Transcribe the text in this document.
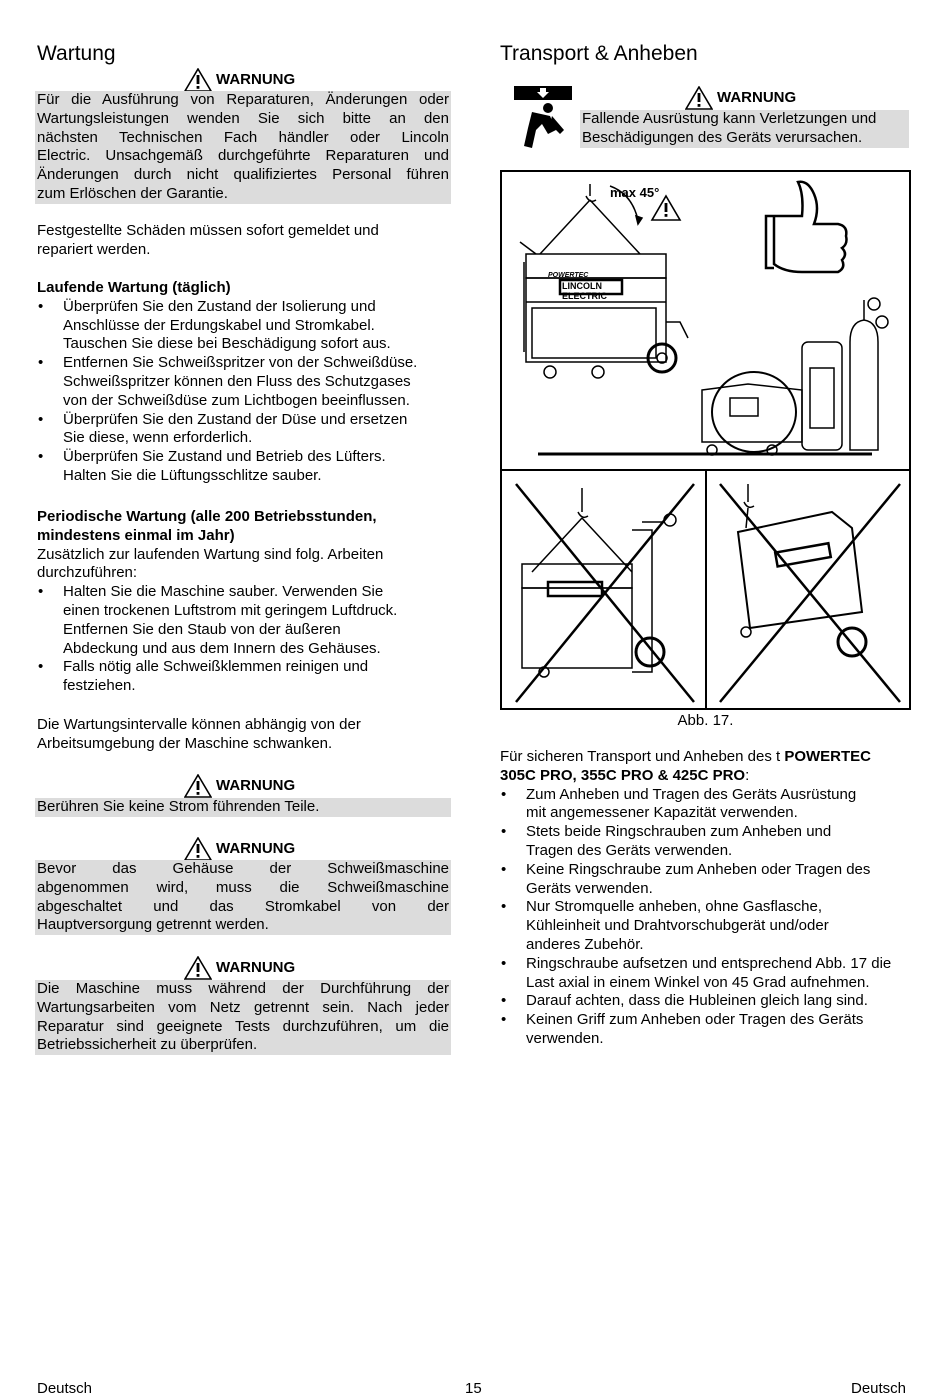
Wartung
WARNUNG
Für die Ausführung von Reparaturen, Änderungen oder
Wartungsleistungen wenden Sie sich bitte an den
nächsten Technischen Fach händler oder Lincoln
Electric. Unsachgemäß durchgeführte Reparaturen und
Änderungen durch nicht qualifiziertes Personal führen
zum Erlöschen der Garantie.
Festgestellte Schäden müssen sofort gemeldet und
repariert werden.
Laufende Wartung (täglich)
• Überprüfen Sie den Zustand der Isolierung und
Anschlüsse der Erdungskabel und Stromkabel.
Tauschen Sie diese bei Beschädigung sofort aus.
• Entfernen Sie Schweißspritzer von der Schweißdüse.
Schweißspritzer können den Fluss des Schutzgases
von der Schweißdüse zum Lichtbogen beeinflussen.
• Überprüfen Sie den Zustand der Düse und ersetzen
Sie diese, wenn erforderlich.
• Überprüfen Sie Zustand und Betrieb des Lüfters.
Halten Sie die Lüftungsschlitze sauber.
Periodische Wartung (alle 200 Betriebsstunden,
mindestens einmal im Jahr)
Zusätzlich zur laufenden Wartung sind folg. Arbeiten
durchzuführen:
• Halten Sie die Maschine sauber. Verwenden Sie
einen trockenen Luftstrom mit geringem Luftdruck.
Entfernen Sie den Staub von der äußeren
Abdeckung und aus dem Innern des Gehäuses.
• Falls nötig alle Schweißklemmen reinigen und
festziehen.
Die Wartungsintervalle können abhängig von der
Arbeitsumgebung der Maschine schwanken.
WARNUNG
Berühren Sie keine Strom führenden Teile.
WARNUNG
Bevor das Gehäuse der Schweißmaschine
abgenommen wird, muss die Schweißmaschine
abgeschaltet und das Stromkabel von der
Hauptversorgung getrennt werden.
WARNUNG
Die Maschine muss während der Durchführung der
Wartungsarbeiten vom Netz getrennt sein. Nach jeder
Reparatur sind geeignete Tests durchzuführen, um die
Betriebssicherheit zu überprüfen.
Transport & Anheben
WARNUNG
Fallende Ausrüstung kann Verletzungen und
Beschädigungen des Geräts verursachen.
max 45°
POWERTEC
LINCOLN
ELECTRIC
Abb. 17.
Für sicheren Transport und Anheben des t POWERTEC
305C PRO, 355C PRO & 425C PRO:
• Zum Anheben und Tragen des Geräts Ausrüstung
mit angemessener Kapazität verwenden.
• Stets beide Ringschrauben zum Anheben und
Tragen des Geräts verwenden.
• Keine Ringschraube zum Anheben oder Tragen des
Geräts verwenden.
• Nur Stromquelle anheben, ohne Gasflasche,
Kühleinheit und Drahtvorschubgerät und/oder
anderes Zubehör.
• Ringschraube aufsetzen und entsprechend Abb. 17 die
Last axial in einem Winkel von 45 Grad aufnehmen.
• Darauf achten, dass die Hubleinen gleich lang sind.
• Keinen Griff zum Anheben oder Tragen des Geräts
verwenden.
Deutsch	15	Deutsch
